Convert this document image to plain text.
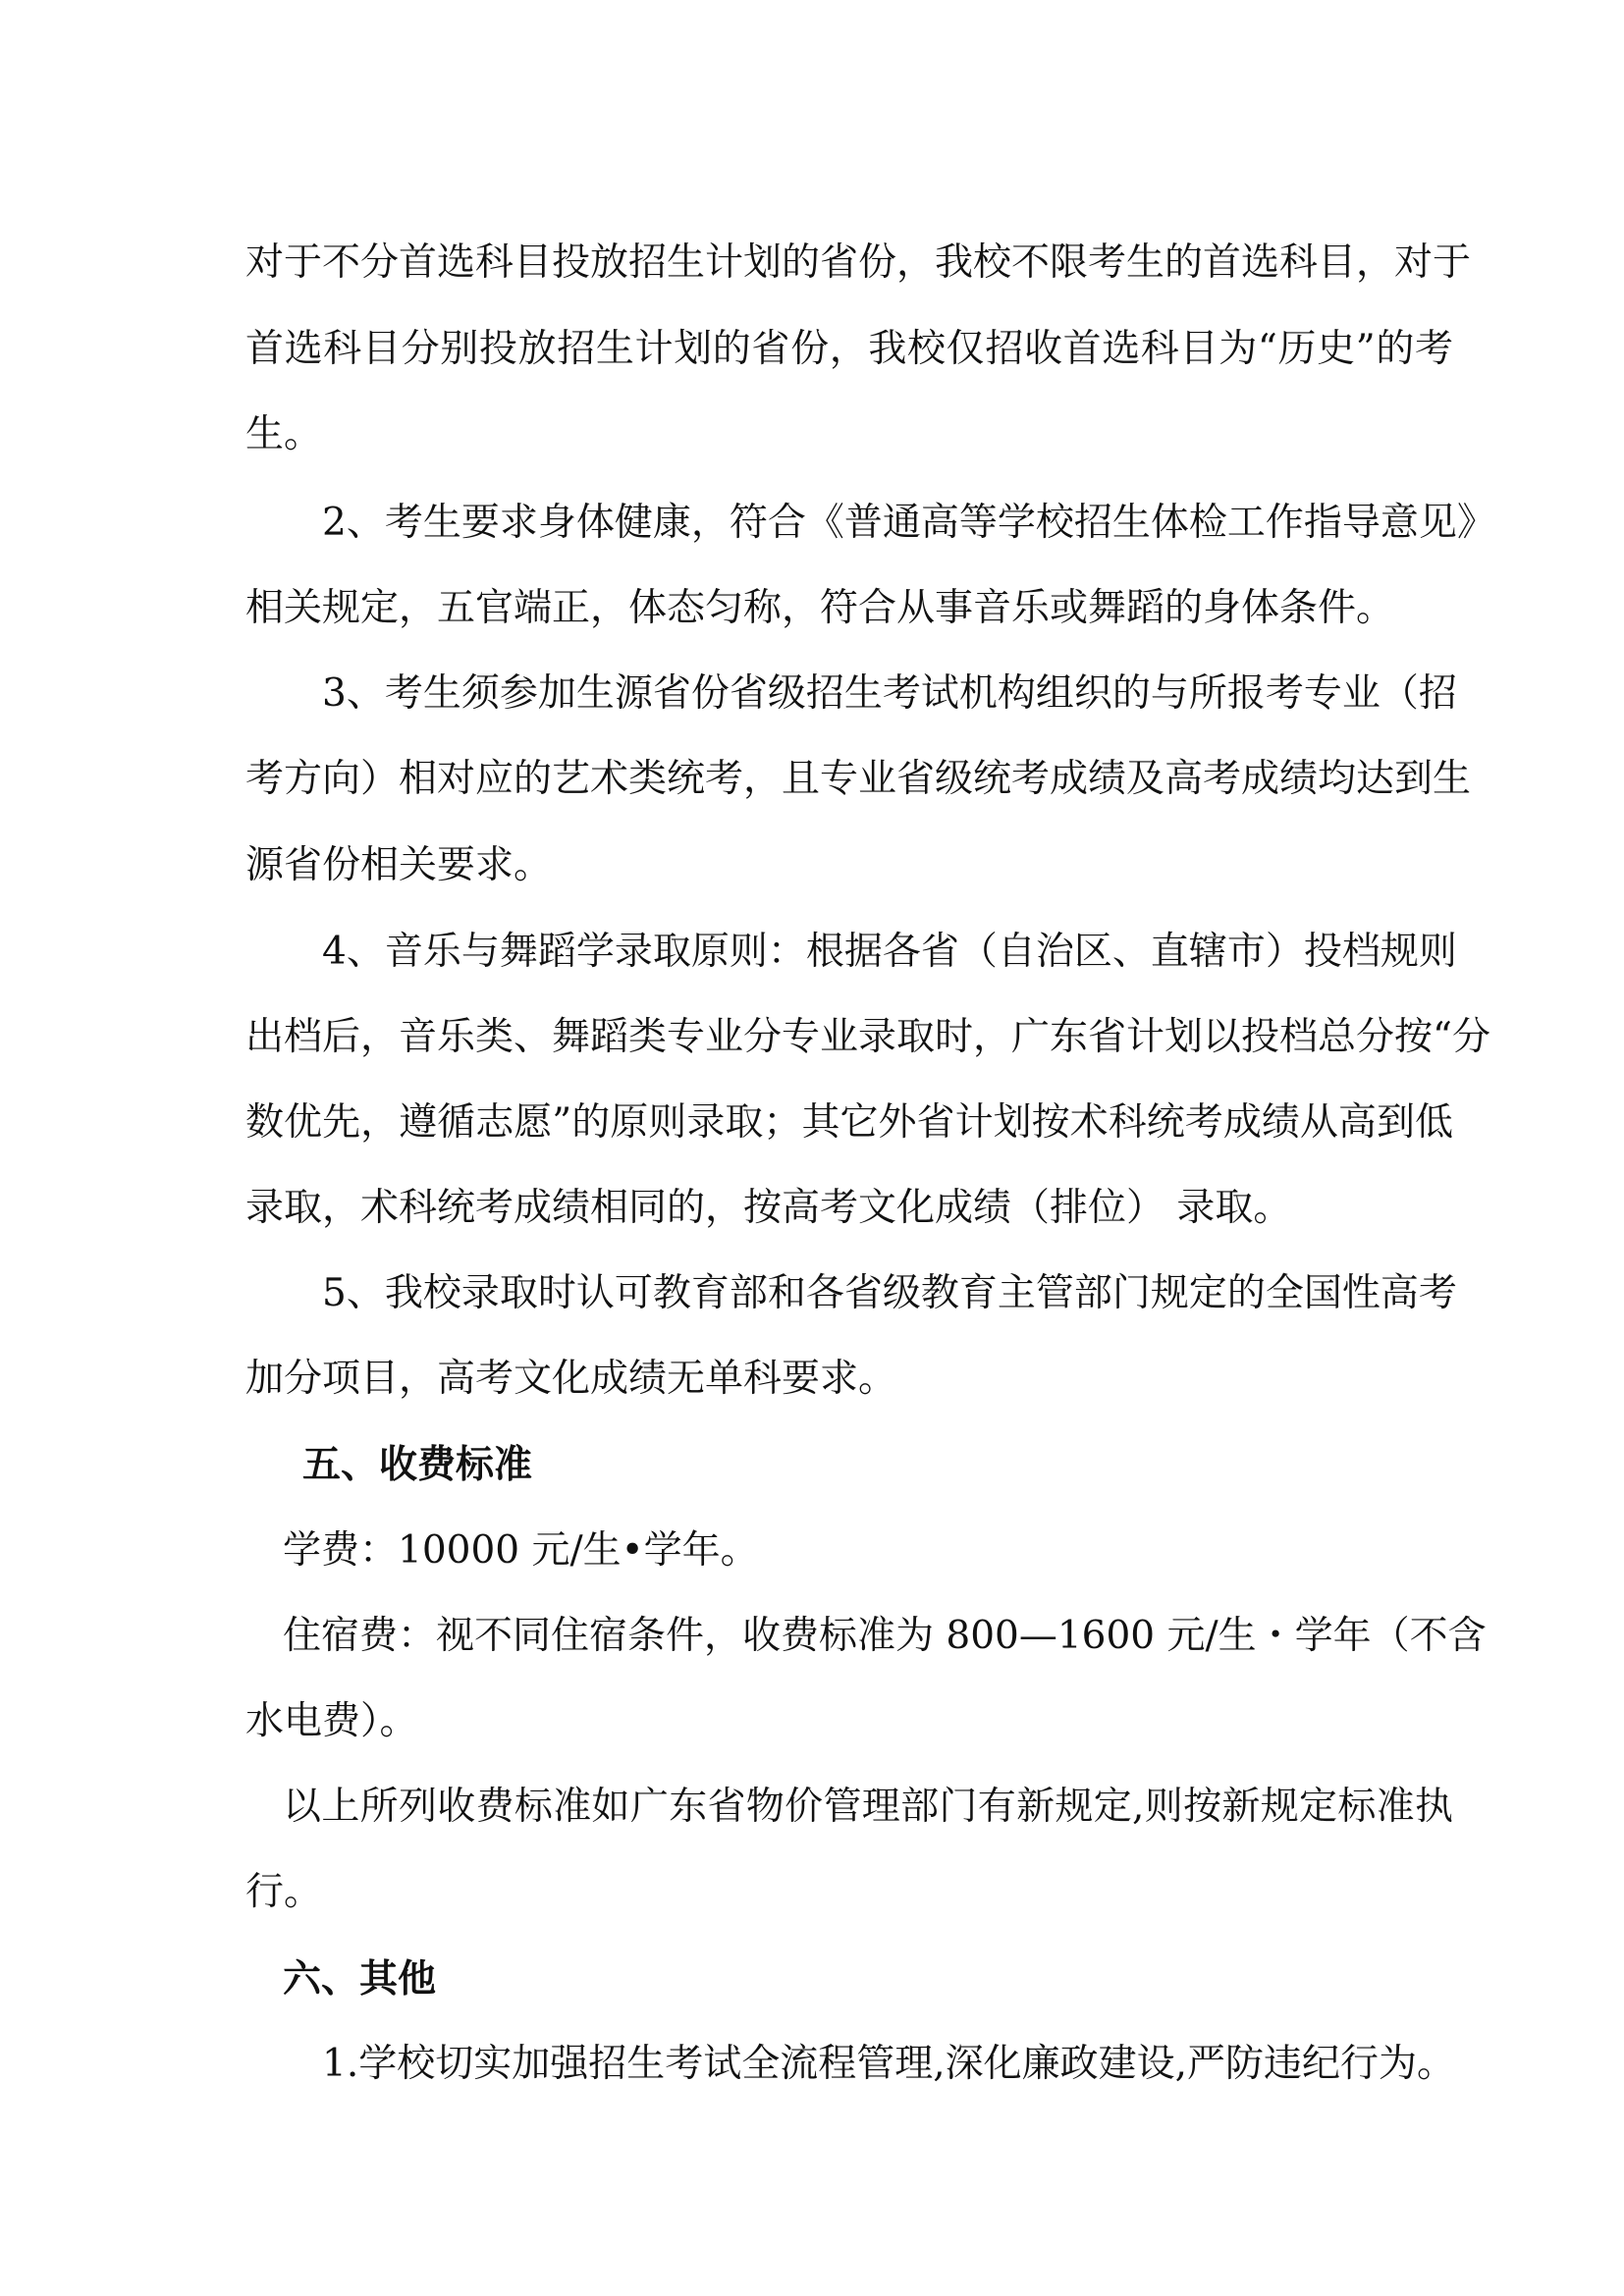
对于不分首选科目投放招生计划的省份，我校不限考生的首选科目，对于

首选科目分别投放招生计划的省份，我校仅招收首选科目为“历史”的考

生。

2、考生要求身体健康，符合《普通高等学校招生体检工作指导意见》

相关规定，五官端正，体态匀称，符合从事音乐或舞蹈的身体条件。

3、考生须参加生源省份省级招生考试机构组织的与所报考专业（招

考方向）相对应的艺术类统考，且专业省级统考成绩及高考成绩均达到生

源省份相关要求。

4、音乐与舞蹈学录取原则：根据各省（自治区、直辖市）投档规则

出档后，音乐类、舞蹈类专业分专业录取时，广东省计划以投档总分按“分

数优先，遵循志愿”的原则录取；其它外省计划按术科统考成绩从高到低

录取，术科统考成绩相同的，按高考文化成绩（排位） 录取。

5、我校录取时认可教育部和各省级教育主管部门规定的全国性高考

加分项目，高考文化成绩无单科要求。

五、收费标准

学费：10000 元/生•学年。

住宿费：视不同住宿条件，收费标准为 800—1600 元/生・学年（不含

水电费）。

以上所列收费标准如广东省物价管理部门有新规定,则按新规定标准执

行。

六、其他

1.学校切实加强招生考试全流程管理,深化廉政建设,严防违纪行为。
